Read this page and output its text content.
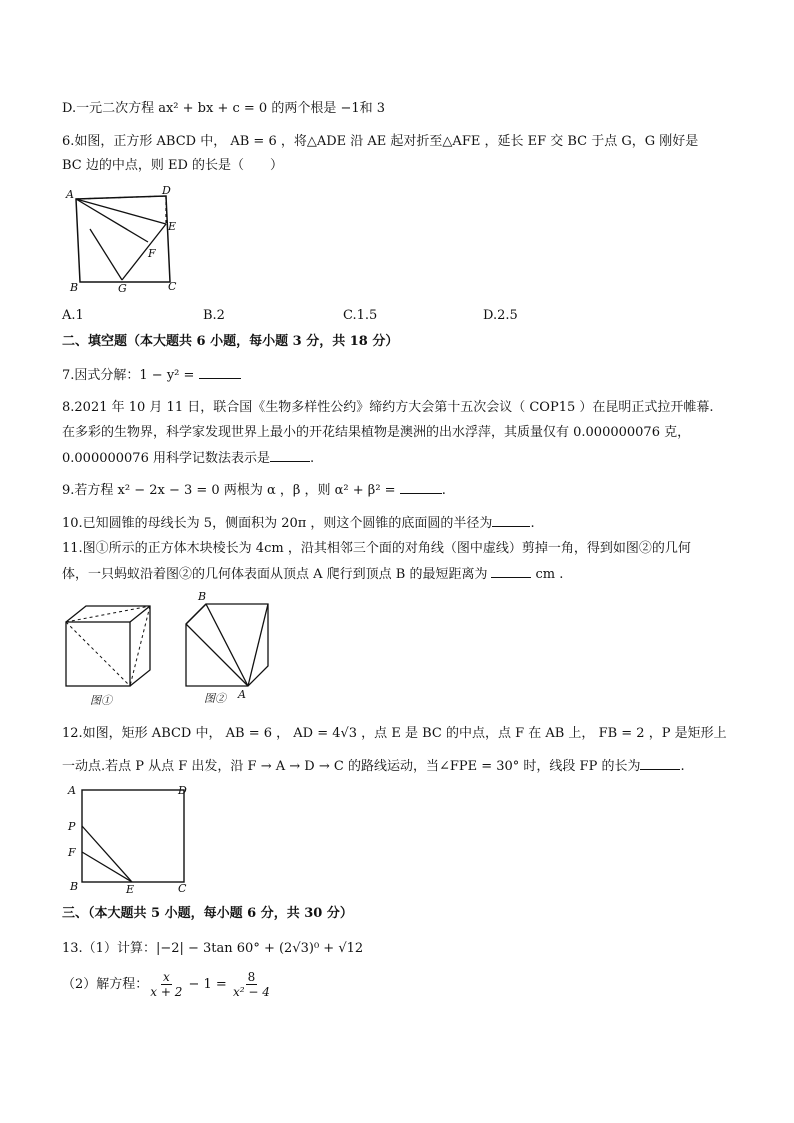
D.一元二次方程 ax² + bx + c = 0 的两个根是 −1和 3
6.如图，正方形 ABCD 中， AB = 6 ，将△ADE 沿 AE 起对折至△AFE ，延长 EF 交 BC 于点 G，G 刚好是
BC 边的中点，则 ED 的长是（　　）
A	D
E
F
B	G	C
A.1	B.2	C.1.5	D.2.5
二、填空题（本大题共 6 小题，每小题 3 分，共 18 分）
7.因式分解：1 − y² =
8.2021 年 10 月 11 日，联合国《生物多样性公约》缔约方大会第十五次会议（ COP15 ）在昆明正式拉开帷幕.
在多彩的生物界，科学家发现世界上最小的开花结果植物是澳洲的出水浮萍，其质量仅有 0.000000076 克，
0.000000076 用科学记数法表示是	.
9.若方程 x² − 2x − 3 = 0 两根为 α ，β ，则 α² + β² =	.
10.已知圆锥的母线长为 5，侧面积为 20π ，则这个圆锥的底面圆的半径为	.
11.图①所示的正方体木块棱长为 4cm ，沿其相邻三个面的对角线（图中虚线）剪掉一角，得到如图②的几何
体，一只蚂蚁沿着图②的几何体表面从顶点 A 爬行到顶点 B 的最短距离为	cm .
图①
B
A
图②
12.如图，矩形 ABCD 中， AB = 6 ， AD = 4√3 ，点 E 是 BC 的中点，点 F 在 AB 上， FB = 2 ，P 是矩形上
一动点.若点 P 从点 F 出发，沿 F → A → D → C 的路线运动，当∠FPE = 30° 时，线段 FP 的长为	.
A	D
P
F
B	E	C
三、（本大题共 5 小题，每小题 6 分，共 30 分）
13.（1）计算：|−2| − 3tan 60° + (2√3)⁰ + √12
（2）解方程： $\frac{x}{x + 2} - 1 = \frac{8}{\text{x² − 4}}$
